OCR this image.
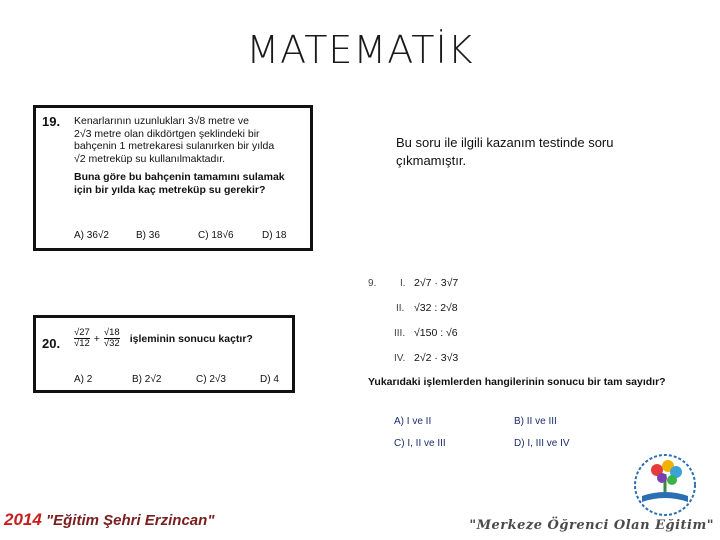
MATEMATİK
19. Kenarlarının uzunlukları 3√8 metre ve
2√3 metre olan dikdörtgen şeklindeki bir
bahçenin 1 metrekaresi sulanırken bir yılda
√2 metreküp su kullanılmaktadır.
Buna göre bu bahçenin tamamını sulamak
için bir yılda kaç metreküp su gerekir?
A) 36√2	B) 36	C) 18√6	D) 18
20. $\frac{√27}{√12} + \frac{√18}{√32}$ işleminin sonucu kaçtır?
A) 2	B) 2√2	C) 2√3	D) 4
Bu soru ile ilgili kazanım testinde soru çıkmamıştır.
9. I. 2√7 · 3√7
II. √32 : 2√8
III. √150 : √6
IV. 2√2 · 3√3
Yukarıdaki işlemlerden hangilerinin sonucu bir tam sayıdır?
A) I ve II	B) II ve III
C) I, II ve III	D) I, III ve IV
2014 "Eğitim Şehri Erzincan"	"Merkeze Öğrenci Olan Eğitim"
